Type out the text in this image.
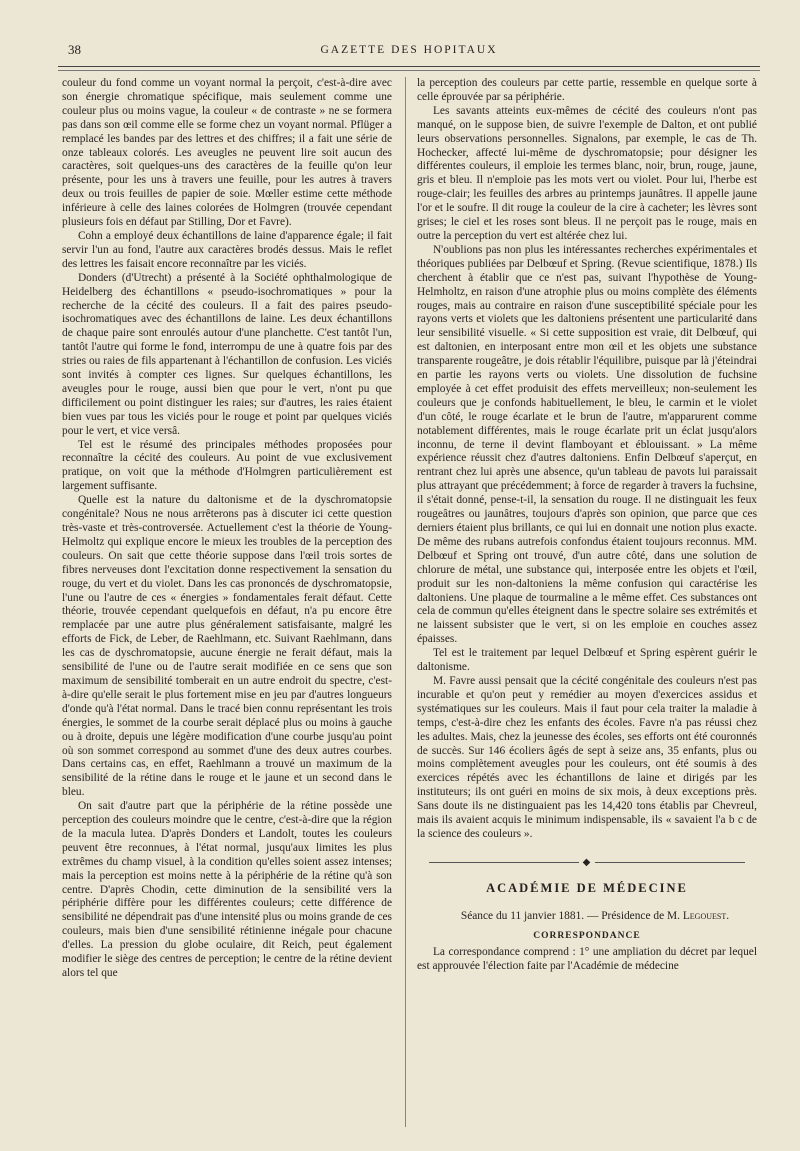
38	GAZETTE DES HOPITAUX

couleur du fond comme un voyant normal la perçoit, c'est-à-dire avec son énergie chromatique spécifique, mais seulement comme une couleur plus ou moins vague, la couleur « de contraste » ne se formera pas dans son œil comme elle se forme chez un voyant normal. Pflüger a remplacé les bandes par des lettres et des chiffres; il a fait une série de onze tableaux colorés. Les aveugles ne peuvent lire soit aucun des caractères, soit quelques-uns des caractères de la feuille qu'on leur présente, pour les uns à travers une feuille, pour les autres à travers deux ou trois feuilles de papier de soie. Mœller estime cette méthode inférieure à celle des laines colorées de Holmgren (trouvée cependant plusieurs fois en défaut par Stilling, Dor et Favre).

Cohn a employé deux échantillons de laine d'apparence égale; il fait servir l'un au fond, l'autre aux caractères brodés dessus. Mais le reflet des lettres les faisait encore reconnaître par les viciés.

Donders (d'Utrecht) a présenté à la Société ophthalmologique de Heidelberg des échantillons « pseudo-isochromatiques » pour la recherche de la cécité des couleurs. Il a fait des paires pseudo-isochromatiques avec des échantillons de laine. Les deux échantillons de chaque paire sont enroulés autour d'une planchette. C'est tantôt l'un, tantôt l'autre qui forme le fond, interrompu de une à quatre fois par des stries ou raies de fils appartenant à l'échantillon de confusion. Les viciés sont invités à compter ces lignes. Sur quelques échantillons, les aveugles pour le rouge, aussi bien que pour le vert, n'ont pu que difficilement ou point distinguer les raies; sur d'autres, les raies étaient bien vues par tous les viciés pour le rouge et point par quelques viciés pour le vert, et vice versâ.

Tel est le résumé des principales méthodes proposées pour reconnaître la cécité des couleurs. Au point de vue exclusivement pratique, on voit que la méthode d'Holmgren particulièrement est largement suffisante.

Quelle est la nature du daltonisme et de la dyschromatopsie congénitale? Nous ne nous arrêterons pas à discuter ici cette question très-vaste et très-controversée. Actuellement c'est la théorie de Young-Helmoltz qui explique encore le mieux les troubles de la perception des couleurs. On sait que cette théorie suppose dans l'œil trois sortes de fibres nerveuses dont l'excitation donne respectivement la sensation du rouge, du vert et du violet. Dans les cas prononcés de dyschromatopsie, l'une ou l'autre de ces « énergies » fondamentales ferait défaut. Cette théorie, trouvée cependant quelquefois en défaut, n'a pu encore être remplacée par une autre plus généralement satisfaisante, malgré les efforts de Fick, de Leber, de Raehlmann, etc. Suivant Raehlmann, dans les cas de dyschromatopsie, aucune énergie ne ferait défaut, mais la sensibilité de l'une ou de l'autre serait modifiée en ce sens que son maximum de sensibilité tomberait en un autre endroit du spectre, c'est-à-dire qu'elle serait le plus fortement mise en jeu par d'autres longueurs d'onde qu'à l'état normal. Dans le tracé bien connu représentant les trois énergies, le sommet de la courbe serait déplacé plus ou moins à gauche ou à droite, depuis une légère modification d'une courbe jusqu'au point où son sommet correspond au sommet d'une des deux autres courbes. Dans certains cas, en effet, Raehlmann a trouvé un maximum de la sensibilité de la rétine dans le rouge et le jaune et un second dans le bleu.

On sait d'autre part que la périphérie de la rétine possède une perception des couleurs moindre que le centre, c'est-à-dire que la région de la macula lutea. D'après Donders et Landolt, toutes les couleurs peuvent être reconnues, à l'état normal, jusqu'aux limites les plus extrêmes du champ visuel, à la condition qu'elles soient assez intenses; mais la perception est moins nette à la périphérie de la rétine qu'à son centre. D'après Chodin, cette diminution de la sensibilité vers la périphérie diffère pour les différentes couleurs; cette différence de sensibilité ne dépendrait pas d'une intensité plus ou moins grande de ces couleurs, mais bien d'une sensibilité rétinienne inégale pour chacune d'elles. La pression du globe oculaire, dit Reich, peut également modifier le siège des centres de perception; le centre de la rétine devient alors tel que

la perception des couleurs par cette partie, ressemble en quelque sorte à celle éprouvée par sa périphérie.

Les savants atteints eux-mêmes de cécité des couleurs n'ont pas manqué, on le suppose bien, de suivre l'exemple de Dalton, et ont publié leurs observations personnelles. Signalons, par exemple, le cas de Th. Hochecker, affecté lui-même de dyschromatopsie; pour désigner les différentes couleurs, il emploie les termes blanc, noir, brun, rouge, jaune, gris et bleu. Il n'emploie pas les mots vert ou violet. Pour lui, l'herbe est rouge-clair; les feuilles des arbres au printemps jaunâtres. Il appelle jaune l'or et le soufre. Il dit rouge la couleur de la cire à cacheter; les lèvres sont grises; le ciel et les roses sont bleus. Il ne perçoit pas le rouge, mais en outre la perception du vert est altérée chez lui.

N'oublions pas non plus les intéressantes recherches expérimentales et théoriques publiées par Delbœuf et Spring. (Revue scientifique, 1878.) Ils cherchent à établir que ce n'est pas, suivant l'hypothèse de Young-Helmholtz, en raison d'une atrophie plus ou moins complète des éléments rouges, mais au contraire en raison d'une susceptibilité spéciale pour les rayons verts et violets que les daltoniens présentent une particularité dans leur sensibilité visuelle. « Si cette supposition est vraie, dit Delbœuf, qui est daltonien, en interposant entre mon œil et les objets une substance transparente rougeâtre, je dois rétablir l'équilibre, puisque par là j'éteindrai en partie les rayons verts ou violets. Une dissolution de fuchsine employée à cet effet produisit des effets merveilleux; non-seulement les couleurs que je confonds habituellement, le bleu, le carmin et le violet d'un côté, le rouge écarlate et le brun de l'autre, m'apparurent comme notablement différentes, mais le rouge écarlate prit un éclat jusqu'alors inconnu, de terne il devint flamboyant et éblouissant. » La même expérience réussit chez d'autres daltoniens. Enfin Delbœuf s'aperçut, en rentrant chez lui après une absence, qu'un tableau de pavots lui paraissait plus attrayant que précédemment; à force de regarder à travers la fuchsine, il s'était donné, pense-t-il, la sensation du rouge. Il ne distinguait les feux rougeâtres ou jaunâtres, toujours d'après son opinion, que parce que ces derniers étaient plus brillants, ce qui lui en donnait une notion plus exacte. De même des rubans autrefois confondus étaient toujours reconnus. MM. Delbœuf et Spring ont trouvé, d'un autre côté, dans une solution de chlorure de métal, une substance qui, interposée entre les objets et l'œil, produit sur les non-daltoniens la même confusion qui caractérise les daltoniens. Une plaque de tourmaline a le même effet. Ces substances ont cela de commun qu'elles éteignent dans le spectre solaire ses extrémités et ne laissent subsister que le vert, si on les emploie en couches assez épaisses.

Tel est le traitement par lequel Delbœuf et Spring espèrent guérir le daltonisme.

M. Favre aussi pensait que la cécité congénitale des couleurs n'est pas incurable et qu'on peut y remédier au moyen d'exercices assidus et systématiques sur les couleurs. Mais il faut pour cela traiter la maladie à temps, c'est-à-dire chez les enfants des écoles. Favre n'a pas réussi chez les adultes. Mais, chez la jeunesse des écoles, ses efforts ont été couronnés de succès. Sur 146 écoliers âgés de sept à seize ans, 35 enfants, plus ou moins complètement aveugles pour les couleurs, ont été soumis à des exercices répétés avec les échantillons de laine et dirigés par les instituteurs; ils ont guéri en moins de six mois, à deux exceptions près. Sans doute ils ne distinguaient pas les 14,420 tons établis par Chevreul, mais ils avaient acquis le minimum indispensable, ils « savaient l'a b c de la science des couleurs ».

◆
ACADÉMIE DE MÉDECINE

Séance du 11 janvier 1881. — Présidence de M. Legouest.

CORRESPONDANCE

La correspondance comprend : 1° une ampliation du décret par lequel est approuvée l'élection faite par l'Académie de médecine
